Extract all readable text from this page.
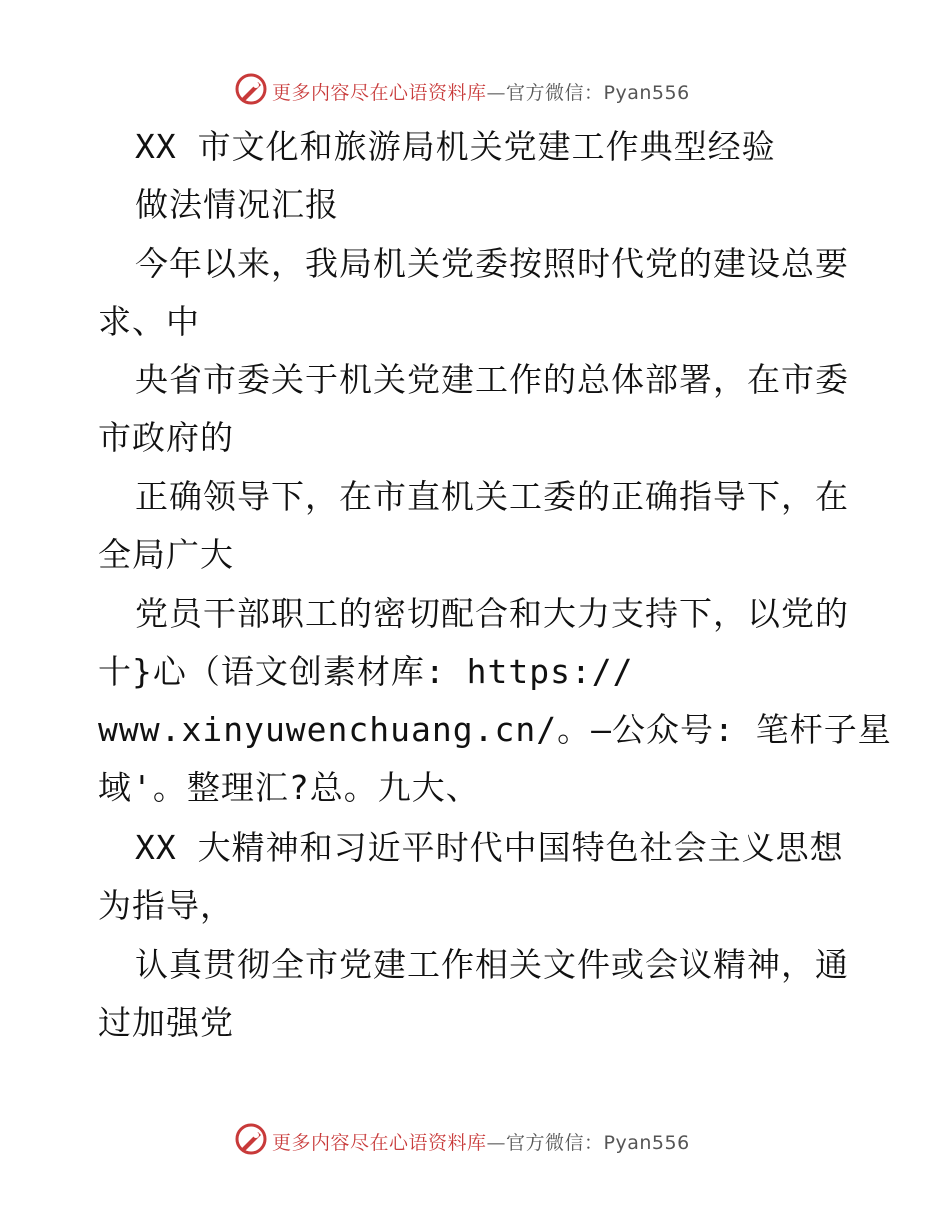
更多内容尽在心语资料库—官方微信：Pyan556
XX 市文化和旅游局机关党建工作典型经验
做法情况汇报
今年以来，我局机关党委按照时代党的建设总要
求、中
央省市委关于机关党建工作的总体部署，在市委
市政府的
正确领导下，在市直机关工委的正确指导下，在
全局广大
党员干部职工的密切配合和大力支持下，以党的
十}心（语文创素材库: https://
www.xinyuwenchuang.cn/。—公众号: 笔杆子星
域'。整理汇?总。九大、
XX 大精神和习近平时代中国特色社会主义思想
为指导，
认真贯彻全市党建工作相关文件或会议精神，通
过加强党
更多内容尽在心语资料库—官方微信：Pyan556
